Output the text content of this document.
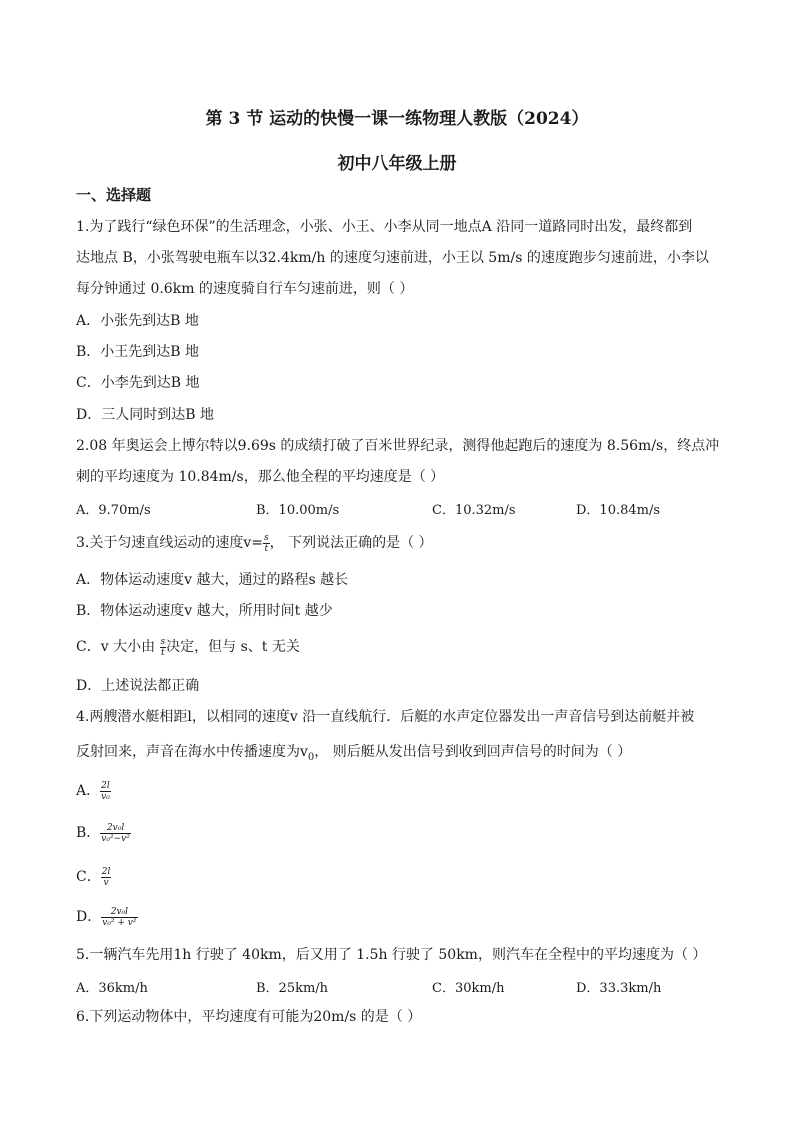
第 3 节 运动的快慢一课一练物理人教版（2024）
初中八年级上册
一、选择题
1.为了践行“绿色环保”的生活理念，小张、小王、小李从同一地点A 沿同一道路同时出发，最终都到
达地点 B，小张驾驶电瓶车以32.4km/h 的速度匀速前进，小王以 5m/s 的速度跑步匀速前进，小李以
每分钟通过 0.6km 的速度骑自行车匀速前进，则（ ）
A．小张先到达B 地
B．小王先到达B 地
C．小李先到达B 地
D．三人同时到达B 地
2.08 年奥运会上博尔特以9.69s 的成绩打破了百米世界纪录，测得他起跑后的速度为 8.56m/s，终点冲
刺的平均速度为 10.84m/s，那么他全程的平均速度是（ ）
A．9.70m/s	B．10.00m/s	C．10.32m/s	D．10.84m/s
3.关于匀速直线运动的速度$v= \frac{s}{t}$ ， 下列说法正确的是（ ）
A．物体运动速度v 越大，通过的路程s 越长
B．物体运动速度v 越大，所用时间t 越少
C．v 大小由 $\frac{s}{t}$ 决定，但与 s、t 无关
D．上述说法都正确
4.两艘潜水艇相距l，以相同的速度v 沿一直线航行．后艇的水声定位器发出一声音信号到达前艇并被
反射回来，声音在海水中传播速度为$v_0$， 则后艇从发出信号到收到回声信号的时间为（ ）
A． $\frac{2l}{\text{v₀}}$
B． $\frac{\text{2v₀l}}{\text{v₀²−v²}}$
C． $\frac{2l}{v}$
D． $\frac{\text{2v₀l}}{\text{v₀² + v²}}$
5.一辆汽车先用1h 行驶了 40km，后又用了 1.5h 行驶了 50km，则汽车在全程中的平均速度为（ ）
A．36km/h	B．25km/h	C．30km/h	D．33.3km/h
6.下列运动物体中，平均速度有可能为20m/s 的是（ ）
